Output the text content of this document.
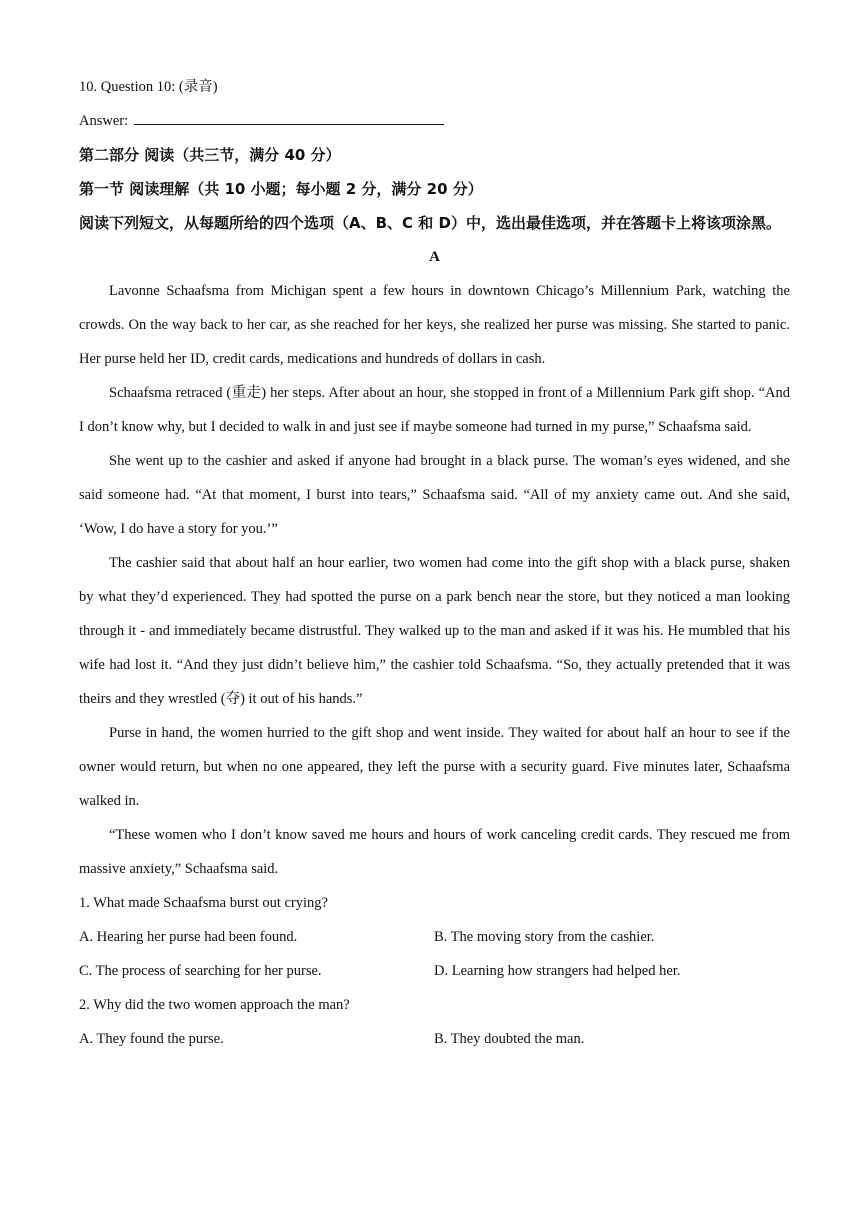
10. Question 10: (录音)

Answer:

第二部分 阅读（共三节，满分 40 分）

第一节 阅读理解（共 10 小题；每小题 2 分，满分 20 分）

阅读下列短文，从每题所给的四个选项（A、B、C 和 D）中，选出最佳选项，并在答题卡上将该项涂黑。

A

Lavonne Schaafsma from Michigan spent a few hours in downtown Chicago’s Millennium Park, watching the crowds. On the way back to her car, as she reached for her keys, she realized her purse was missing. She started to panic. Her purse held her ID, credit cards, medications and hundreds of dollars in cash.

Schaafsma retraced (重走) her steps. After about an hour, she stopped in front of a Millennium Park gift shop. “And I don’t know why, but I decided to walk in and just see if maybe someone had turned in my purse,” Schaafsma said.

She went up to the cashier and asked if anyone had brought in a black purse. The woman’s eyes widened, and she said someone had. “At that moment, I burst into tears,” Schaafsma said. “All of my anxiety came out. And she said, ‘Wow, I do have a story for you.’”

The cashier said that about half an hour earlier, two women had come into the gift shop with a black purse, shaken by what they’d experienced. They had spotted the purse on a park bench near the store, but they noticed a man looking through it - and immediately became distrustful. They walked up to the man and asked if it was his. He mumbled that his wife had lost it. “And they just didn’t believe him,” the cashier told Schaafsma. “So, they actually pretended that it was theirs and they wrestled (夺) it out of his hands.”

Purse in hand, the women hurried to the gift shop and went inside. They waited for about half an hour to see if the owner would return, but when no one appeared, they left the purse with a security guard. Five minutes later, Schaafsma walked in.

“These women who I don’t know saved me hours and hours of work canceling credit cards. They rescued me from massive anxiety,” Schaafsma said.

1. What made Schaafsma burst out crying?

A. Hearing her purse had been found.	B. The moving story from the cashier.
C. The process of searching for her purse.	D. Learning how strangers had helped her.

2. Why did the two women approach the man?

A. They found the purse.	B. They doubted the man.
